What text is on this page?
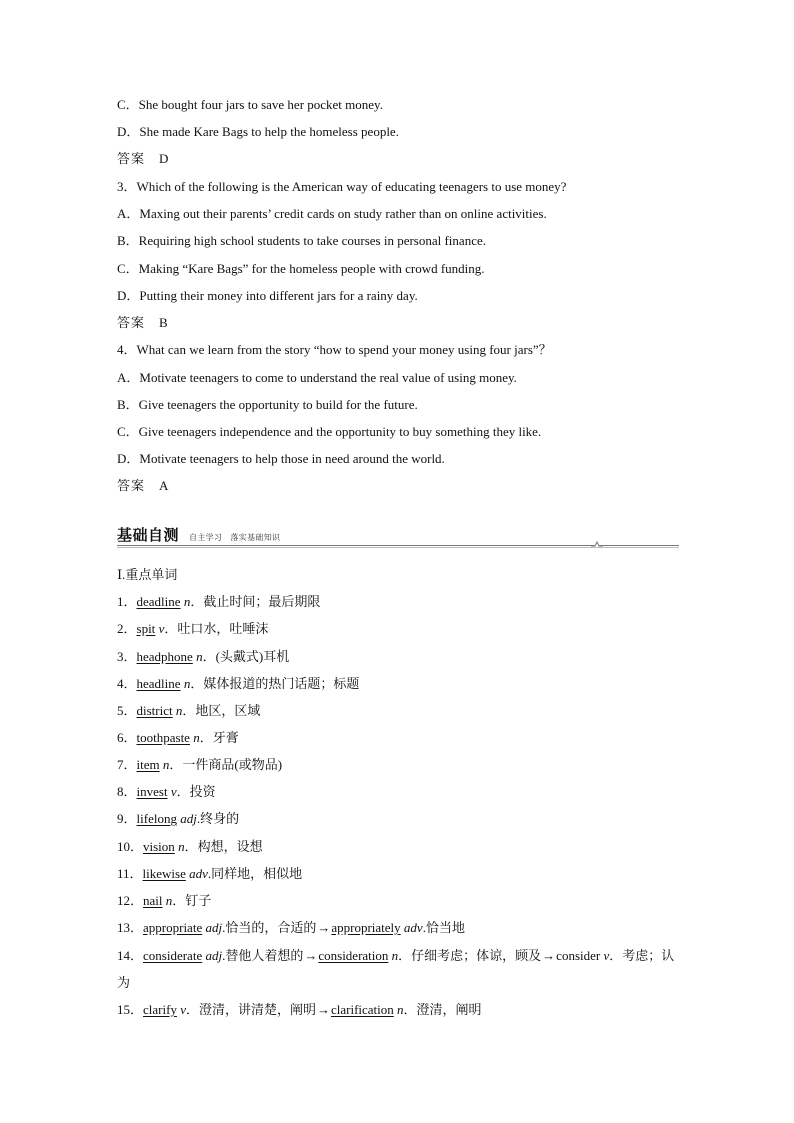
C．She bought four jars to save her pocket money.
D．She made Kare Bags to help the homeless people.
答案 D
3．Which of the following is the American way of educating teenagers to use money?
A．Maxing out their parents’ credit cards on study rather than on online activities.
B．Requiring high school students to take courses in personal finance.
C．Making “Kare Bags” for the homeless people with crowd funding.
D．Putting their money into different jars for a rainy day.
答案 B
4．What can we learn from the story “how to spend your money using four jars”？
A．Motivate teenagers to come to understand the real value of using money.
B．Give teenagers the opportunity to build for the future.
C．Give teenagers independence and the opportunity to buy something they like.
D．Motivate teenagers to help those in need around the world.
答案 A
基础自测 自主学习　落实基础知识
Ⅰ.重点单词
1．deadline n．截止时间；最后期限
2．spit v．吐口水，吐唾沫
3．headphone n．(头戴式)耳机
4．headline n．媒体报道的热门话题；标题
5．district n．地区，区域
6．toothpaste n．牙膏
7．item n．一件商品(或物品)
8．invest v．投资
9．lifelong adj.终身的
10．vision n．构想，设想
11．likewise adv.同样地，相似地
12．nail n．钉子
13．appropriate adj.恰当的，合适的→appropriately adv.恰当地
14．considerate adj.替他人着想的→consideration n．仔细考虑；体谅，顾及→consider v．考虑；认为
15．clarify v．澄清，讲清楚，阐明→clarification n．澄清，阐明
